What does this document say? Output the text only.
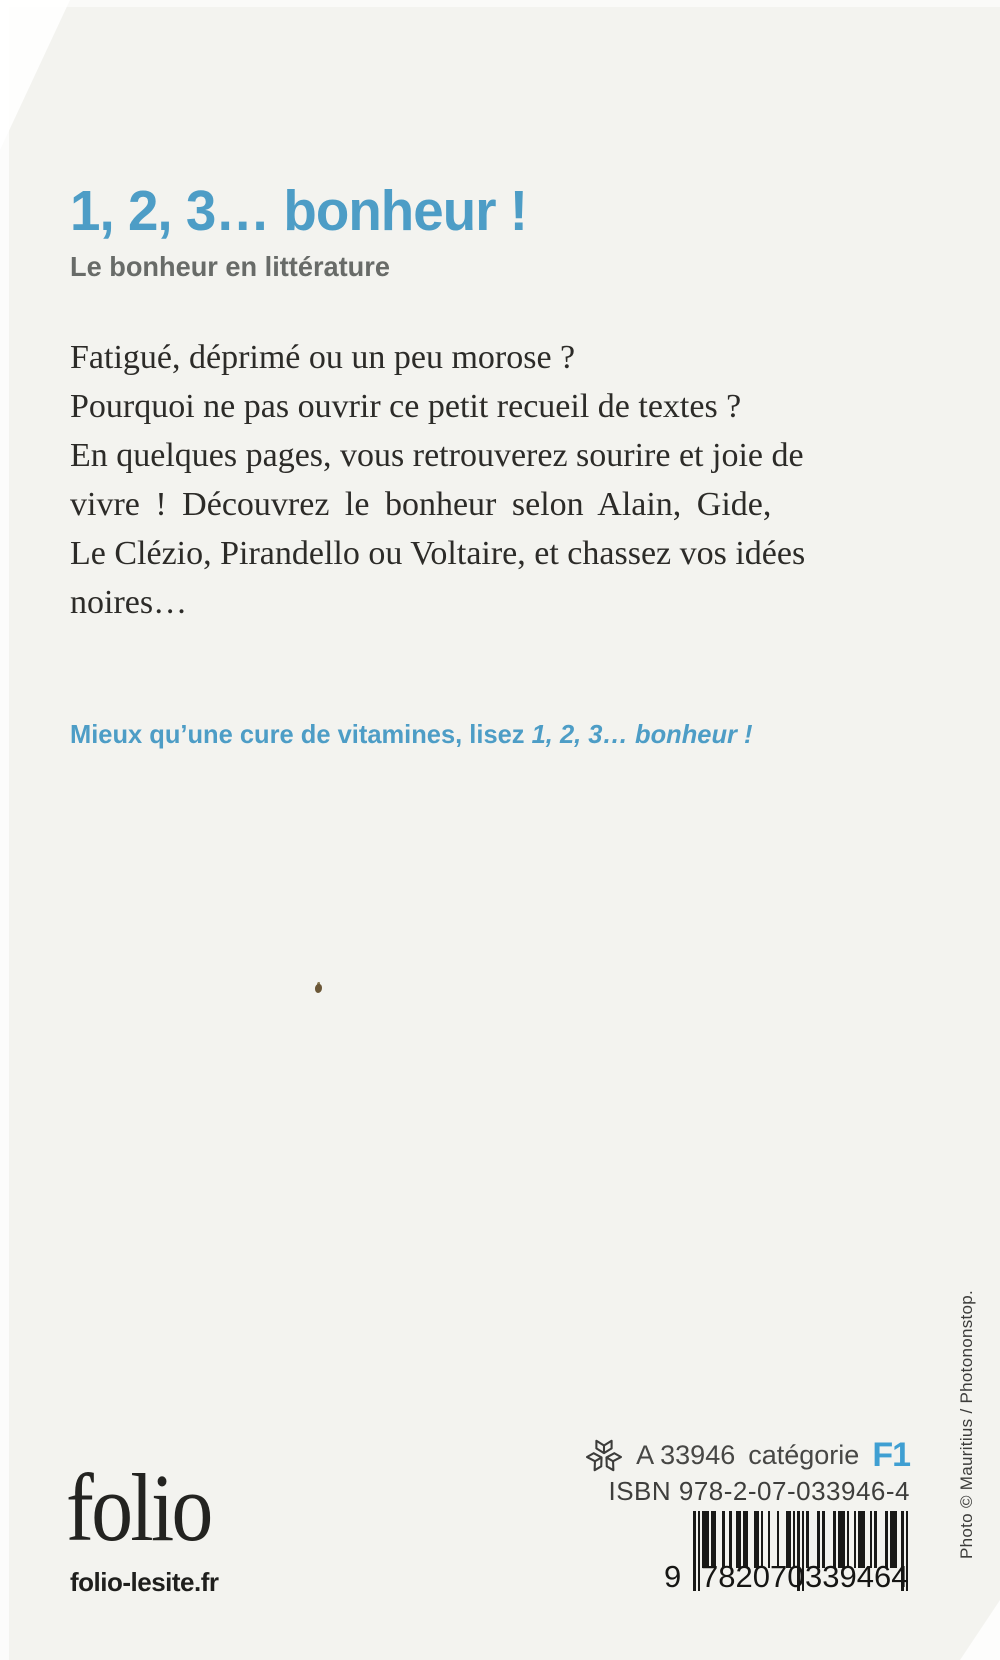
1, 2, 3… bonheur !
Le bonheur en littérature
Fatigué, déprimé ou un peu morose ?
Pourquoi ne pas ouvrir ce petit recueil de textes ?
En quelques pages, vous retrouverez sourire et joie de
vivre ! Découvrez le bonheur selon Alain, Gide,
Le Clézio, Pirandello ou Voltaire, et chassez vos idées
noires…
Mieux qu’une cure de vitamines, lisez 1, 2, 3… bonheur !
folio
folio-lesite.fr
A 33946 catégorie F1
ISBN 978-2-07-033946-4
9 7 8 2 0 7 0 3 3 9 4 6 4
Photo © Mauritius / Photononstop.
